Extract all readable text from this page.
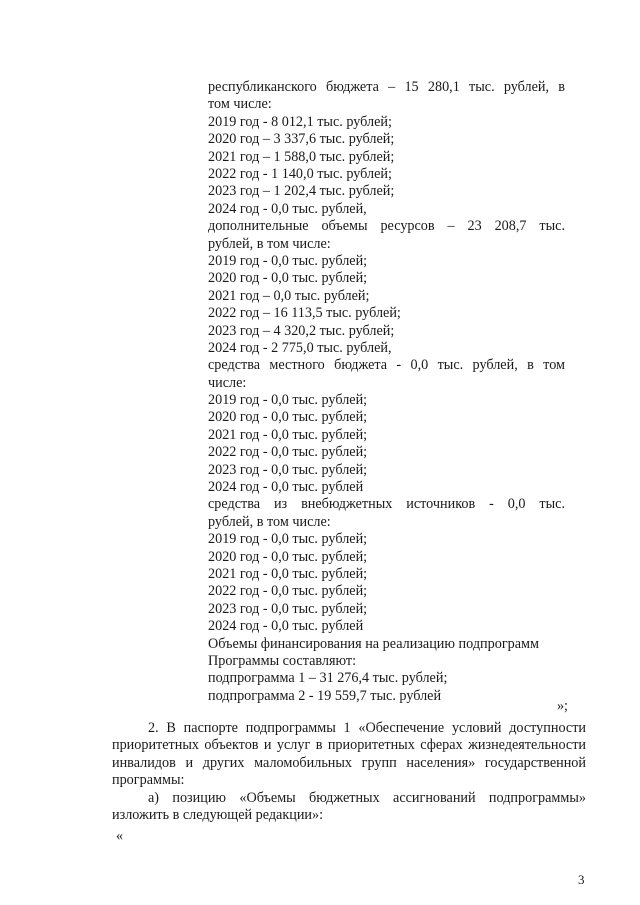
республиканского бюджета – 15 280,1 тыс. рублей, в
том числе:
2019 год - 8 012,1 тыс. рублей;
2020 год – 3 337,6 тыс. рублей;
2021 год – 1 588,0 тыс. рублей;
2022 год - 1 140,0 тыс. рублей;
2023 год – 1 202,4 тыс. рублей;
2024 год - 0,0 тыс. рублей,
дополнительные объемы ресурсов – 23 208,7 тыс.
рублей, в том числе:
2019 год - 0,0 тыс. рублей;
2020 год - 0,0 тыс. рублей;
2021 год – 0,0 тыс. рублей;
2022 год – 16 113,5 тыс. рублей;
2023 год – 4 320,2 тыс. рублей;
2024 год - 2 775,0 тыс. рублей,
средства местного бюджета - 0,0 тыс. рублей, в том
числе:
2019 год - 0,0 тыс. рублей;
2020 год - 0,0 тыс. рублей;
2021 год - 0,0 тыс. рублей;
2022 год - 0,0 тыс. рублей;
2023 год - 0,0 тыс. рублей;
2024 год - 0,0 тыс. рублей
средства из внебюджетных источников - 0,0 тыс.
рублей, в том числе:
2019 год - 0,0 тыс. рублей;
2020 год - 0,0 тыс. рублей;
2021 год - 0,0 тыс. рублей;
2022 год - 0,0 тыс. рублей;
2023 год - 0,0 тыс. рублей;
2024 год - 0,0 тыс. рублей
Объемы финансирования на реализацию подпрограмм
Программы составляют:
подпрограмма 1 – 31 276,4 тыс. рублей;
подпрограмма 2 - 19 559,7 тыс. рублей
»;

2. В паспорте подпрограммы 1 «Обеспечение условий доступности приоритетных объектов и услуг в приоритетных сферах жизнедеятельности инвалидов и других маломобильных групп населения» государственной программы:

а) позицию «Объемы бюджетных ассигнований подпрограммы» изложить в следующей редакции»:

«
3
